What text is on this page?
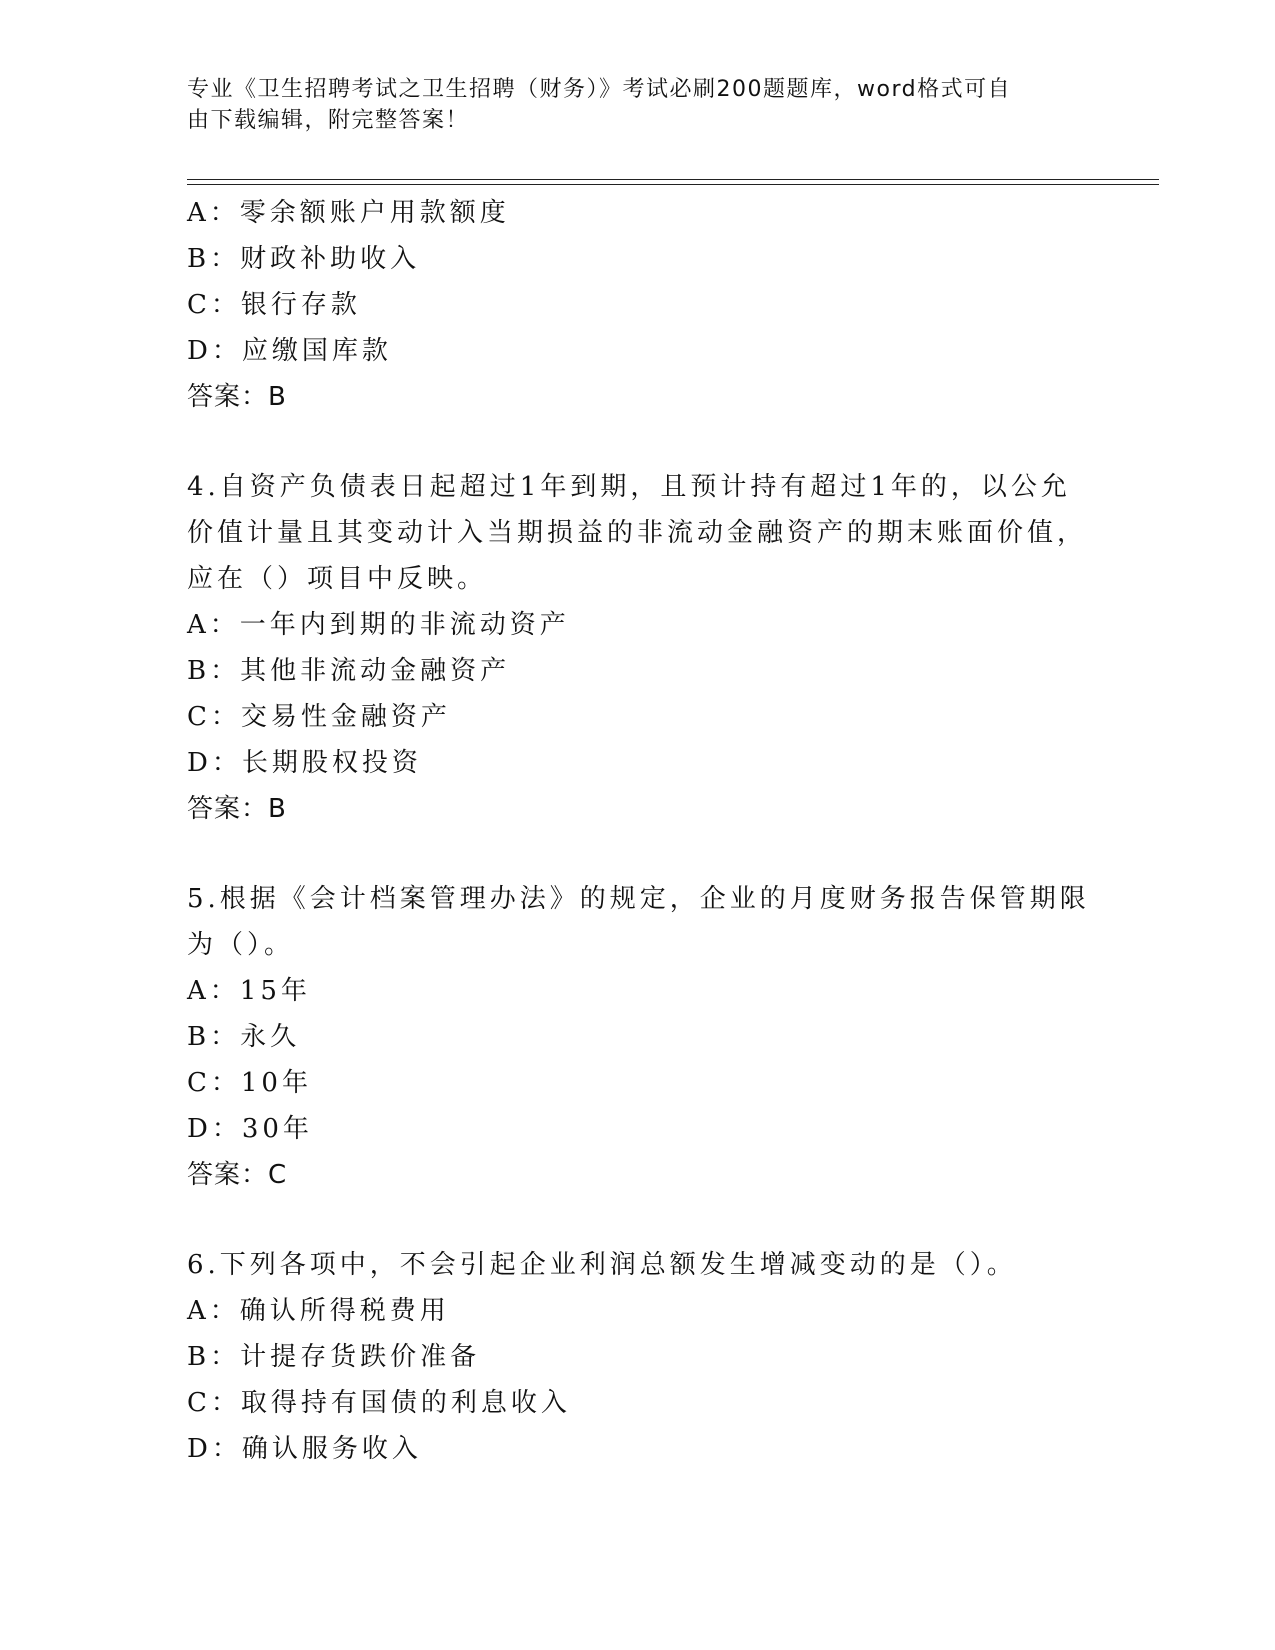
专业《卫生招聘考试之卫生招聘（财务）》考试必刷200题题库，word格式可自
由下载编辑，附完整答案！
A：零余额账户用款额度
B：财政补助收入
C：银行存款
D：应缴国库款
答案：B
4.自资产负债表日起超过1年到期，且预计持有超过1年的，以公允
价值计量且其变动计入当期损益的非流动金融资产的期末账面价值，
应在（）项目中反映。
A：一年内到期的非流动资产
B：其他非流动金融资产
C：交易性金融资产
D：长期股权投资
答案：B
5.根据《会计档案管理办法》的规定，企业的月度财务报告保管期限
为（）。
A：15年
B：永久
C：10年
D：30年
答案：C
6.下列各项中，不会引起企业利润总额发生增减变动的是（）。
A：确认所得税费用
B：计提存货跌价准备
C：取得持有国债的利息收入
D：确认服务收入
